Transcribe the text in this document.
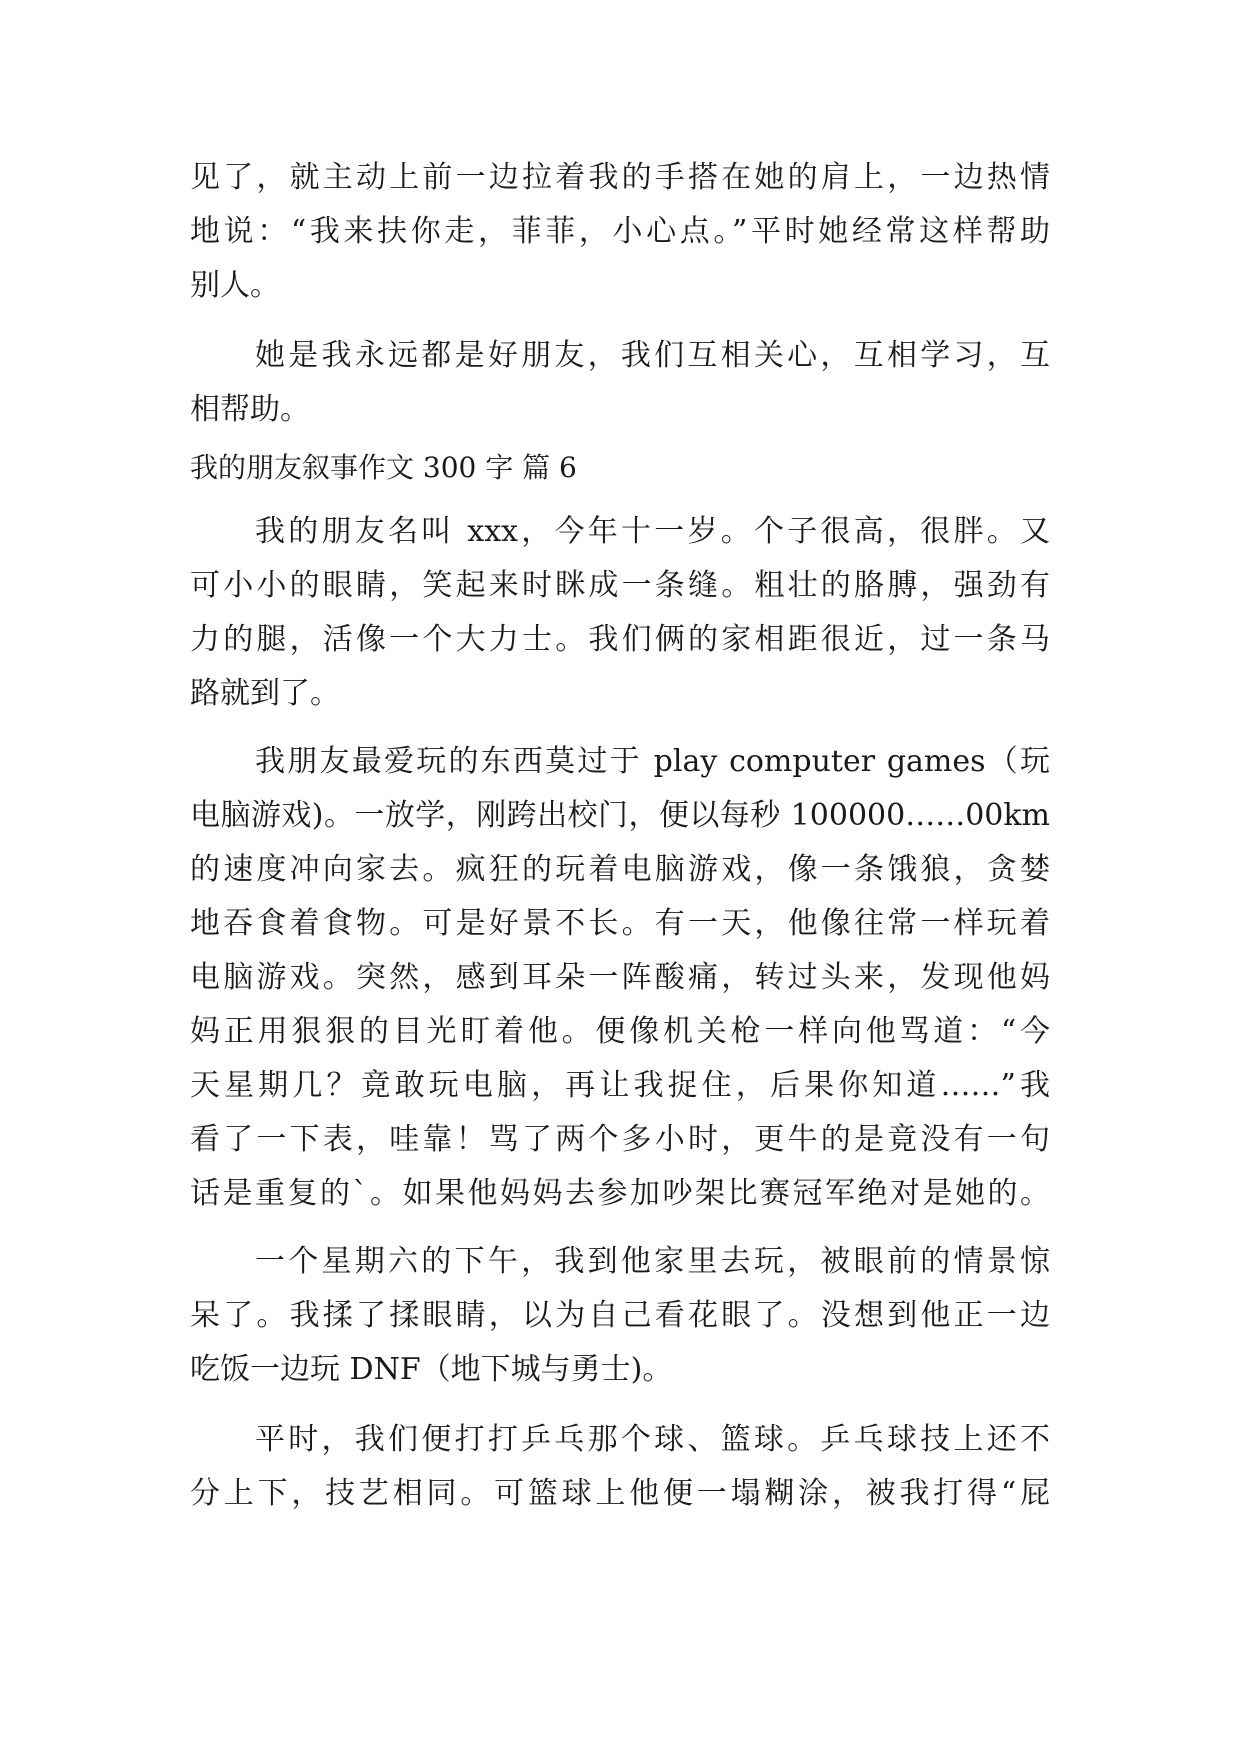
见了，就主动上前一边拉着我的手搭在她的肩上，一边热情
地说：“我来扶你走，菲菲，小心点。”平时她经常这样帮助
别人。
她是我永远都是好朋友，我们互相关心，互相学习，互
相帮助。
我的朋友叙事作文 300 字 篇 6
我的朋友名叫 xxx，今年十一岁。个子很高，很胖。又
可小小的眼睛，笑起来时眯成一条缝。粗壮的胳膊，强劲有
力的腿，活像一个大力士。我们俩的家相距很近，过一条马
路就到了。
我朋友最爱玩的东西莫过于 play computer games（玩
电脑游戏)。一放学，刚跨出校门，便以每秒 100000……00km
的速度冲向家去。疯狂的玩着电脑游戏，像一条饿狼，贪婪
地吞食着食物。可是好景不长。有一天，他像往常一样玩着
电脑游戏。突然，感到耳朵一阵酸痛，转过头来，发现他妈
妈正用狠狠的目光盯着他。便像机关枪一样向他骂道：“今
天星期几？竟敢玩电脑，再让我捉住，后果你知道……”我
看了一下表，哇靠！骂了两个多小时，更牛的是竟没有一句
话是重复的`。如果他妈妈去参加吵架比赛冠军绝对是她的。
一个星期六的下午，我到他家里去玩，被眼前的情景惊
呆了。我揉了揉眼睛，以为自己看花眼了。没想到他正一边
吃饭一边玩 DNF（地下城与勇士)。
平时，我们便打打乒乓那个球、篮球。乒乓球技上还不
分上下，技艺相同。可篮球上他便一塌糊涂，被我打得“屁
